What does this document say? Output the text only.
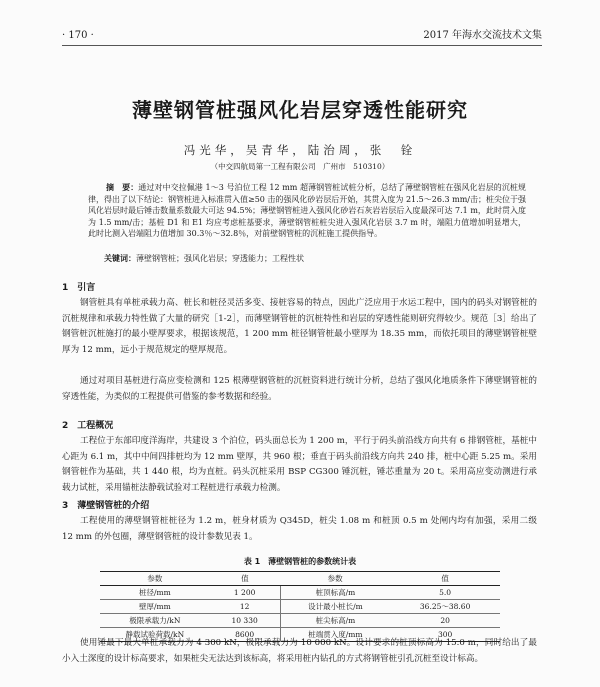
· 170 ·	2017 年海水交流技术文集
薄壁钢管桩强风化岩层穿透性能研究
冯光华，吴青华，陆治周，张　铨
（中交四航局第一工程有限公司　广州市　510310）
摘　要：通过对中交拉佩港 1～3 号泊位工程 12 mm 超薄钢管桩试桩分析，总结了薄壁钢管桩在强风化岩层的沉桩规律，得出了以下结论：钢管桩进入标准贯入值≥50 击的强风化砂岩层后开始，其贯入度为 21.5～26.3 mm/击；桩尖位于强风化岩层时最后锤击数量系数最大可达 94.5%；薄壁钢管桩进入强风化砂岩石灰岩岩层后入度最深可达 7.1 m，此时贯入度为 1.5 mm/击；基桩 D1 和 E1 均应考虑桩基要求，薄壁钢管桩桩尖进入强风化岩层 3.7 m 时，端阻力值增加明显增大，此时比测入岩端阻力值增加 30.3％～32.8％，对前壁钢管桩的沉桩施工提供指导。
关键词：薄壁钢管桩；强风化岩层；穿透能力；工程性状
1　引言
钢管桩具有单桩承载力高、桩长和桩径灵活多变、接桩容易的特点，因此广泛应用于水运工程中，国内的码头对钢管桩的沉桩规律和承载力特性做了大量的研究［1-2］，而薄壁钢管桩的沉桩特性和岩层的穿透性能则研究得较少。规范［3］给出了钢管桩沉桩施打的最小壁厚要求，根据该规范，1 200 mm 桩径钢管桩最小壁厚为 18.35 mm，而依托项目的薄壁钢管桩壁厚为 12 mm，远小于规范规定的壁厚规范。
通过对项目基桩进行高应变检测和 125 根薄壁钢管桩的沉桩资料进行统计分析，总结了强风化地质条件下薄壁钢管桩的穿透性能，为类似的工程提供可借鉴的参考数据和经验。
2　工程概况
工程位于东部印度洋海岸，共建设 3 个泊位，码头面总长为 1 200 m，平行于码头前沿线方向共有 6 排钢管桩，基桩中心距为 6.1 m，其中中间四排桩均为 12 mm 壁厚，共 960 根；垂直于码头前沿线方向共 240 排，桩中心距 5.25 m。采用钢管桩作为基础，共 1 440 根，均为直桩。码头沉桩采用 BSP CG300 锤沉桩，锤芯重量为 20 t。采用高应变动测进行承载力试桩，采用锚桩法静载试验对工程桩进行承载力检测。
3　薄壁钢管桩的介绍
工程使用的薄壁钢管桩桩径为 1.2 m，桩身材质为 Q345D，桩尖 1.08 m 和桩顶 0.5 m 处闸内均有加强，采用二级 12 mm 的外包圈，薄壁钢管桩的设计参数见表 1。
表 1　薄壁钢管桩的参数统计表
参数	值	参数	值
桩径/mm	1 200	桩顶标高/m	5.0
壁厚/mm	12	设计最小桩长/m	36.25～38.60
极限承载力/kN	10 330	桩尖标高/m	20
静载试验荷载/kN	8600	桩端贯入度/mm	300
使用锤最下最大单桩承载力为 4 300 kN，极限承载力为 10 000 kN。设计要求的桩顶标高为 15.0 m，同时给出了最小入土深度的设计标高要求，如果桩尖无法达到该标高，将采用桩内钻孔的方式将钢管桩引孔沉桩至设计标高。
